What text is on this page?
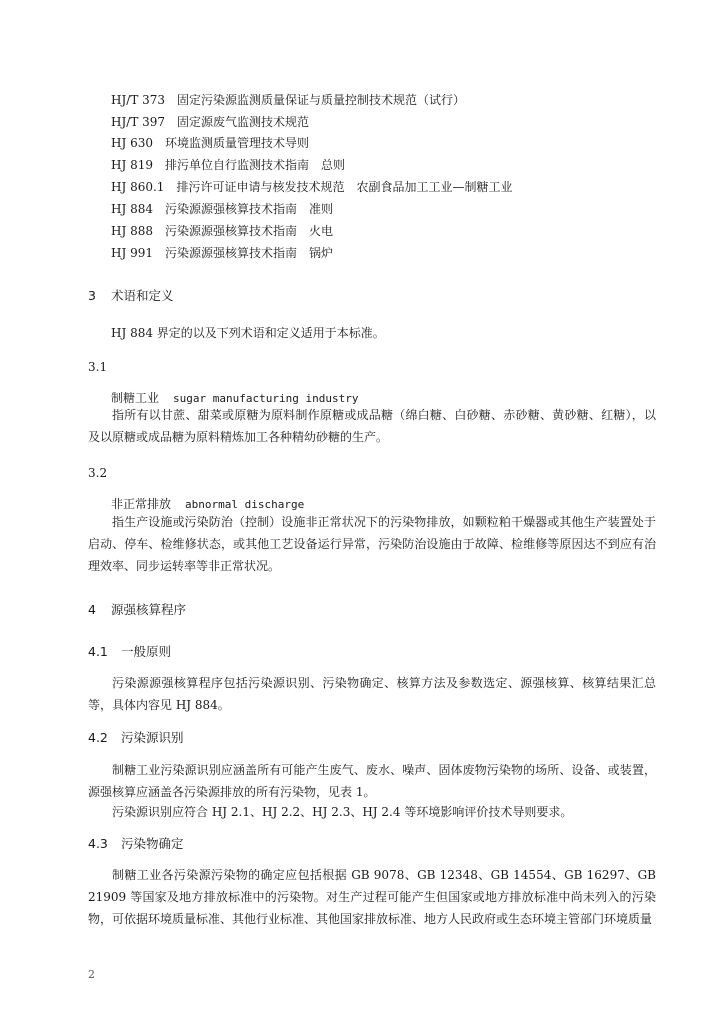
HJ/T 373 固定污染源监测质量保证与质量控制技术规范（试行）
HJ/T 397 固定源废气监测技术规范
HJ 630 环境监测质量管理技术导则
HJ 819 排污单位自行监测技术指南　总则
HJ 860.1 排污许可证申请与核发技术规范　农副食品加工工业—制糖工业
HJ 884 污染源源强核算技术指南　准则
HJ 888 污染源源强核算技术指南　火电
HJ 991 污染源源强核算技术指南　锅炉
3 术语和定义
HJ 884 界定的以及下列术语和定义适用于本标准。
3.1
制糖工业 sugar manufacturing industry
指所有以甘蔗、甜菜或原糖为原料制作原糖或成品糖（绵白糖、白砂糖、赤砂糖、黄砂糖、红糖），以及以原糖或成品糖为原料精炼加工各种精幼砂糖的生产。
3.2
非正常排放 abnormal discharge
指生产设施或污染防治（控制）设施非正常状况下的污染物排放，如颗粒粕干燥器或其他生产装置处于启动、停车、检维修状态，或其他工艺设备运行异常，污染防治设施由于故障、检维修等原因达不到应有治理效率、同步运转率等非正常状况。
4 源强核算程序
4.1 一般原则
污染源源强核算程序包括污染源识别、污染物确定、核算方法及参数选定、源强核算、核算结果汇总等，具体内容见 HJ 884。
4.2 污染源识别
制糖工业污染源识别应涵盖所有可能产生废气、废水、噪声、固体废物污染物的场所、设备、或装置，源强核算应涵盖各污染源排放的所有污染物，见表 1。
污染源识别应符合 HJ 2.1、HJ 2.2、HJ 2.3、HJ 2.4 等环境影响评价技术导则要求。
4.3 污染物确定
制糖工业各污染源污染物的确定应包括根据 GB 9078、GB 12348、GB 14554、GB 16297、GB 21909 等国家及地方排放标准中的污染物。对生产过程可能产生但国家或地方排放标准中尚未列入的污染物，可依据环境质量标准、其他行业标准、其他国家排放标准、地方人民政府或生态环境主管部门环境质量
2
